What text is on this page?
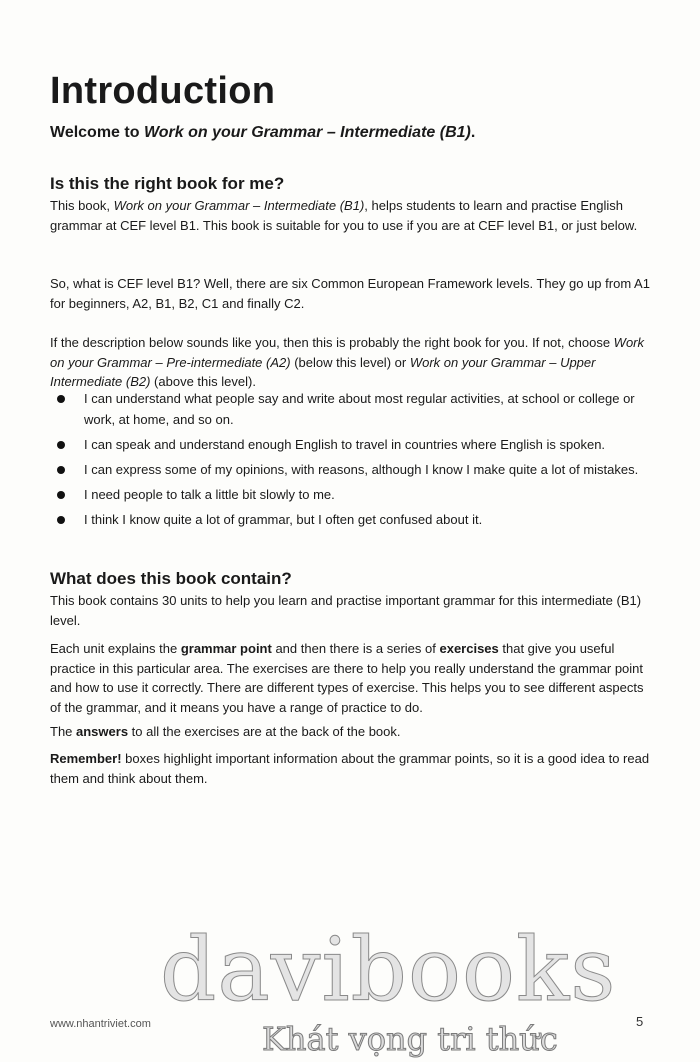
Introduction
Welcome to Work on your Grammar – Intermediate (B1).
Is this the right book for me?

This book, Work on your Grammar – Intermediate (B1), helps students to learn and practise English grammar at CEF level B1. This book is suitable for you to use if you are at CEF level B1, or just below.

So, what is CEF level B1? Well, there are six Common European Framework levels. They go up from A1 for beginners, A2, B1, B2, C1 and finally C2.

If the description below sounds like you, then this is probably the right book for you. If not, choose Work on your Grammar – Pre-intermediate (A2) (below this level) or Work on your Grammar – Upper Intermediate (B2) (above this level).

I can understand what people say and write about most regular activities, at school or college or work, at home, and so on.
I can speak and understand enough English to travel in countries where English is spoken.
I can express some of my opinions, with reasons, although I know I make quite a lot of mistakes.
I need people to talk a little bit slowly to me.
I think I know quite a lot of grammar, but I often get confused about it.
What does this book contain?

This book contains 30 units to help you learn and practise important grammar for this intermediate (B1) level.

Each unit explains the grammar point and then there is a series of exercises that give you useful practice in this particular area. The exercises are there to help you really understand the grammar point and how to use it correctly. There are different types of exercise. This helps you to see different aspects of the grammar, and it means you have a range of practice to do.

The answers to all the exercises are at the back of the book.

Remember! boxes highlight important information about the grammar points, so it is a good idea to read them and think about them.

davibooks
Khát vọng tri thức
www.nhantriviet.com	5
